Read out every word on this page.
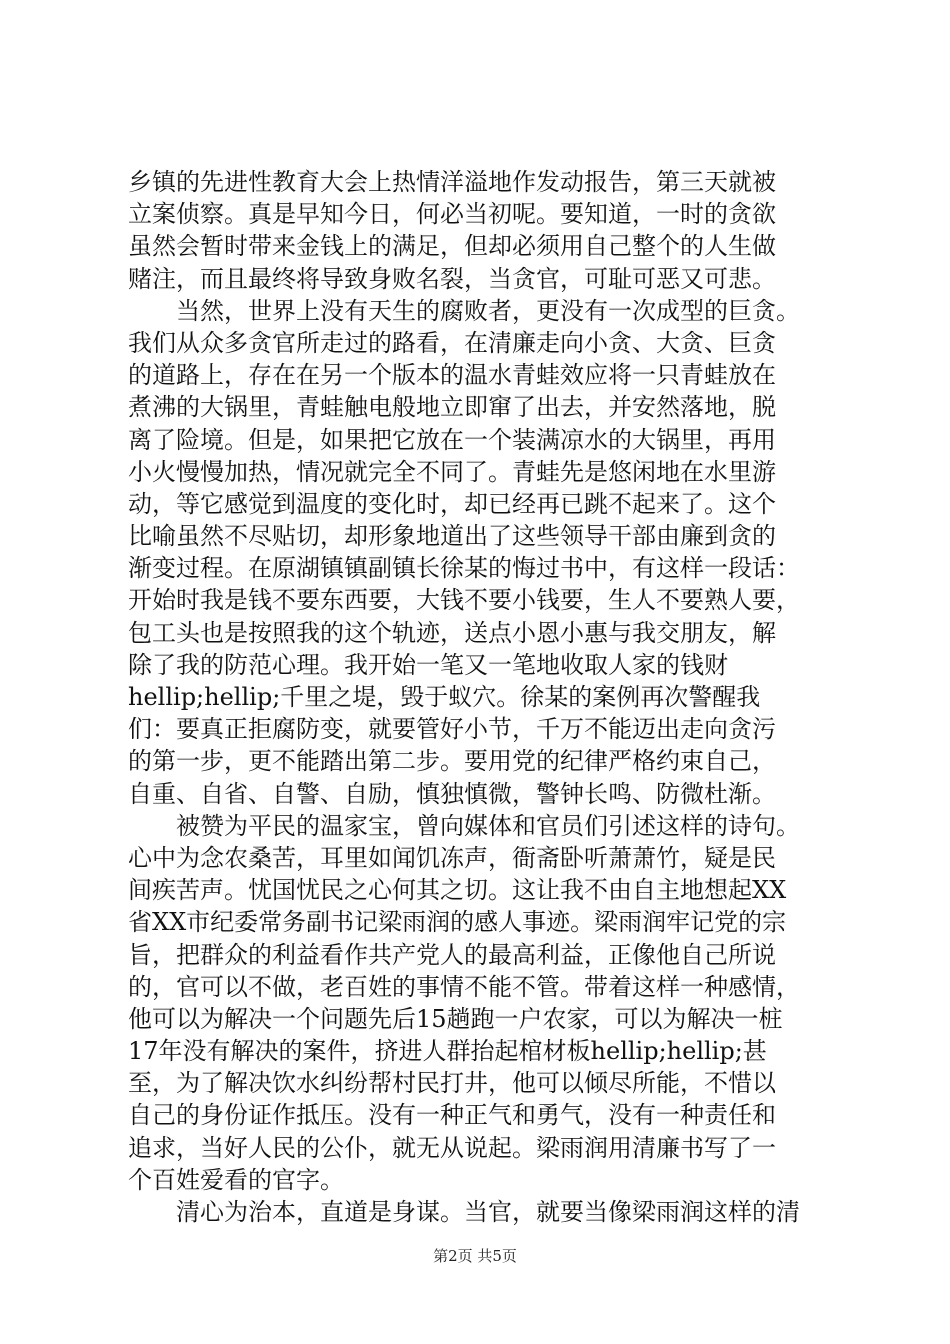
乡镇的先进性教育大会上热情洋溢地作发动报告，第三天就被
立案侦察。真是早知今日，何必当初呢。要知道，一时的贪欲
虽然会暂时带来金钱上的满足，但却必须用自己整个的人生做
赌注，而且最终将导致身败名裂，当贪官，可耻可恶又可悲。
　　当然，世界上没有天生的腐败者，更没有一次成型的巨贪。
我们从众多贪官所走过的路看，在清廉走向小贪、大贪、巨贪
的道路上，存在在另一个版本的温水青蛙效应将一只青蛙放在
煮沸的大锅里，青蛙触电般地立即窜了出去，并安然落地，脱
离了险境。但是，如果把它放在一个装满凉水的大锅里，再用
小火慢慢加热，情况就完全不同了。青蛙先是悠闲地在水里游
动，等它感觉到温度的变化时，却已经再已跳不起来了。这个
比喻虽然不尽贴切，却形象地道出了这些领导干部由廉到贪的
渐变过程。在原湖镇镇副镇长徐某的悔过书中，有这样一段话：
开始时我是钱不要东西要，大钱不要小钱要，生人不要熟人要，
包工头也是按照我的这个轨迹，送点小恩小惠与我交朋友，解
除了我的防范心理。我开始一笔又一笔地收取人家的钱财
hellip;hellip;千里之堤，毁于蚁穴。徐某的案例再次警醒我
们：要真正拒腐防变，就要管好小节，千万不能迈出走向贪污
的第一步，更不能踏出第二步。要用党的纪律严格约束自己，
自重、自省、自警、自励，慎独慎微，警钟长鸣、防微杜渐。
　　被赞为平民的温家宝，曾向媒体和官员们引述这样的诗句。
心中为念农桑苦，耳里如闻饥冻声，衙斋卧听萧萧竹，疑是民
间疾苦声。忧国忧民之心何其之切。这让我不由自主地想起XX
省XX市纪委常务副书记梁雨润的感人事迹。梁雨润牢记党的宗
旨，把群众的利益看作共产党人的最高利益，正像他自己所说
的，官可以不做，老百姓的事情不能不管。带着这样一种感情，
他可以为解决一个问题先后15趟跑一户农家，可以为解决一桩
17年没有解决的案件，挤进人群抬起棺材板hellip;hellip;甚
至，为了解决饮水纠纷帮村民打井，他可以倾尽所能，不惜以
自己的身份证作抵压。没有一种正气和勇气，没有一种责任和
追求，当好人民的公仆，就无从说起。梁雨润用清廉书写了一
个百姓爱看的官字。
　　清心为治本，直道是身谋。当官，就要当像梁雨润这样的清
第2页 共5页
